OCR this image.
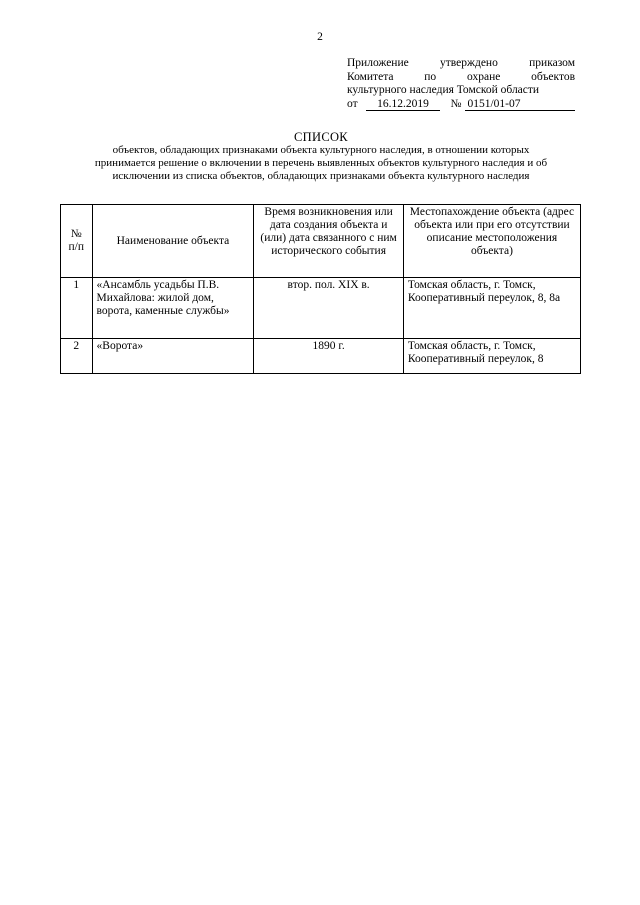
2
Приложение утверждено приказом
Комитета по охране объектов
культурного наследия Томской области
от	16.12.2019	№ 0151/01-07
СПИСОК
объектов, обладающих признаками объекта культурного наследия, в отношении которых
принимается решение о включении в перечень выявленных объектов культурного наследия и об
исключении из списка объектов, обладающих признаками объекта культурного наследия
№ п/п	Наименование объекта	Время возникновения или дата создания объекта и (или) дата связанного с ним исторического события	Местопахождение объекта (адрес объекта или при его отсутствии описание местоположения объекта)
1	«Ансамбль усадьбы П.В. Михайлова: жилой дом, ворота, каменные службы»	втор. пол. XIX в.	Томская область, г. Томск, Кооперативный переулок, 8, 8а
2	«Ворота»	1890 г.	Томская область, г. Томск, Кооперативный переулок, 8
